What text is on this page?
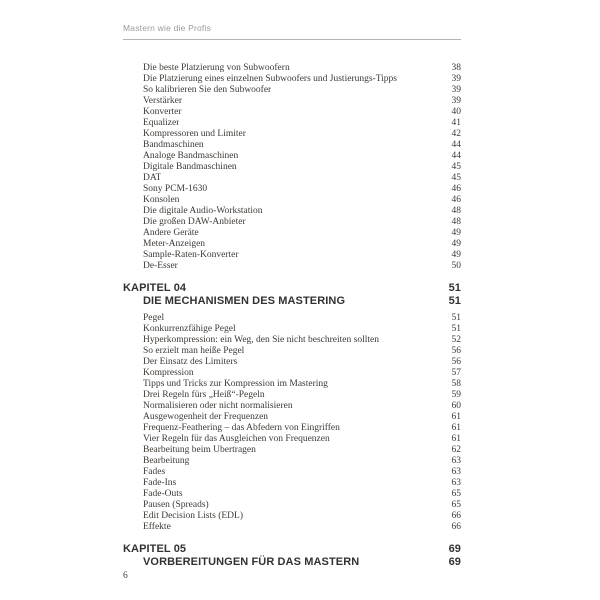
Mastern wie die Profis
Die beste Platzierung von Subwoofern	38
Die Platzierung eines einzelnen Subwoofers und Justierungs-Tipps	39
So kalibrieren Sie den Subwoofer	39
Verstärker	39
Konverter	40
Equalizer	41
Kompressoren und Limiter	42
Bandmaschinen	44
Analoge Bandmaschinen	44
Digitale Bandmaschinen	45
DAT	45
Sony PCM-1630	46
Konsolen	46
Die digitale Audio-Workstation	48
Die großen DAW-Anbieter	48
Andere Geräte	49
Meter-Anzeigen	49
Sample-Raten-Konverter	49
De-Esser	50
KAPITEL 04	51
DIE MECHANISMEN DES MASTERING	51
Pegel	51
Konkurrenzfähige Pegel	51
Hyperkompression: ein Weg, den Sie nicht beschreiten sollten	52
So erzielt man heiße Pegel	56
Der Einsatz des Limiters	56
Kompression	57
Tipps und Tricks zur Kompression im Mastering	58
Drei Regeln fürs „Heiß“-Pegeln	59
Normalisieren oder nicht normalisieren	60
Ausgewogenheit der Frequenzen	61
Frequenz-Feathering – das Abfedern von Eingriffen	61
Vier Regeln für das Ausgleichen von Frequenzen	61
Bearbeitung beim Übertragen	62
Bearbeitung	63
Fades	63
Fade-Ins	63
Fade-Outs	65
Pausen (Spreads)	65
Edit Decision Lists (EDL)	66
Effekte	66
KAPITEL 05	69
VORBEREITUNGEN FÜR DAS MASTERN	69
6
